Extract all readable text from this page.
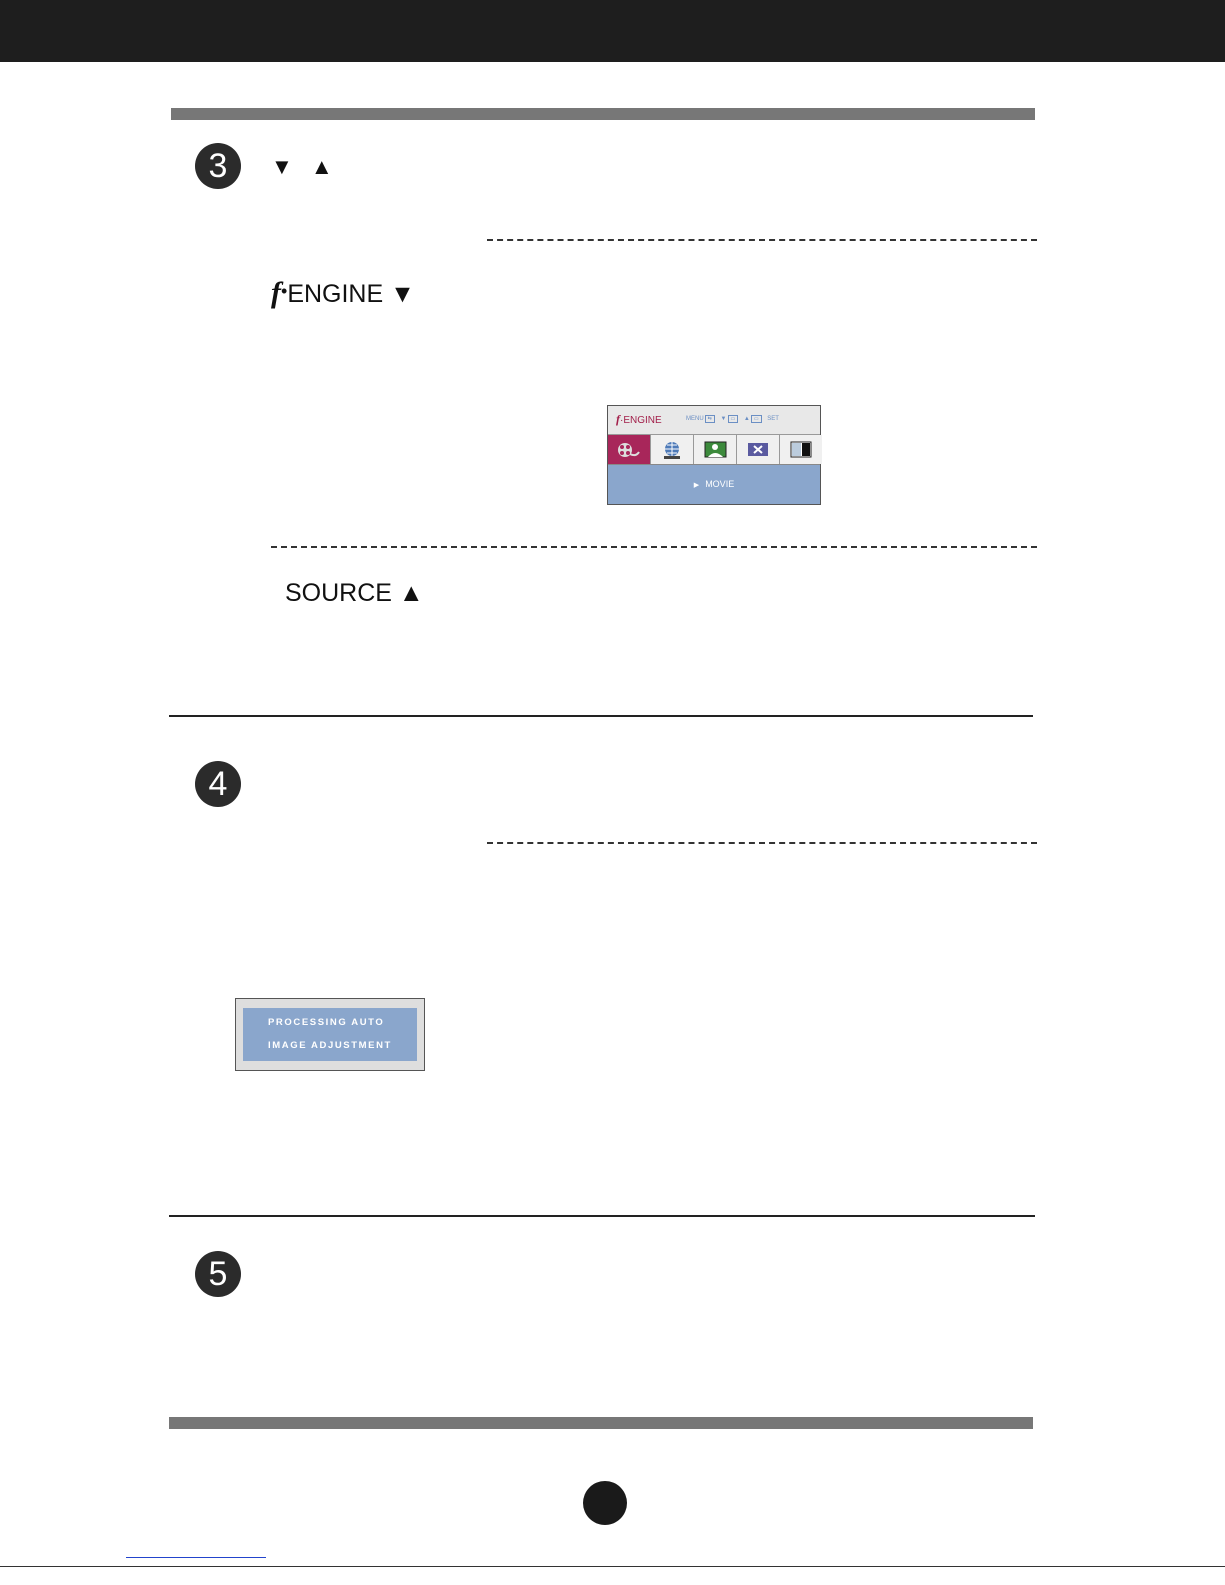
3	▼ ▲
f•ENGINE ▼
f·ENGINE	MENU ⇆ ▼ ▭ ▲ ▭ SET
▶ MOVIE
SOURCE ▲
4
PROCESSING AUTO
IMAGE ADJUSTMENT
5
